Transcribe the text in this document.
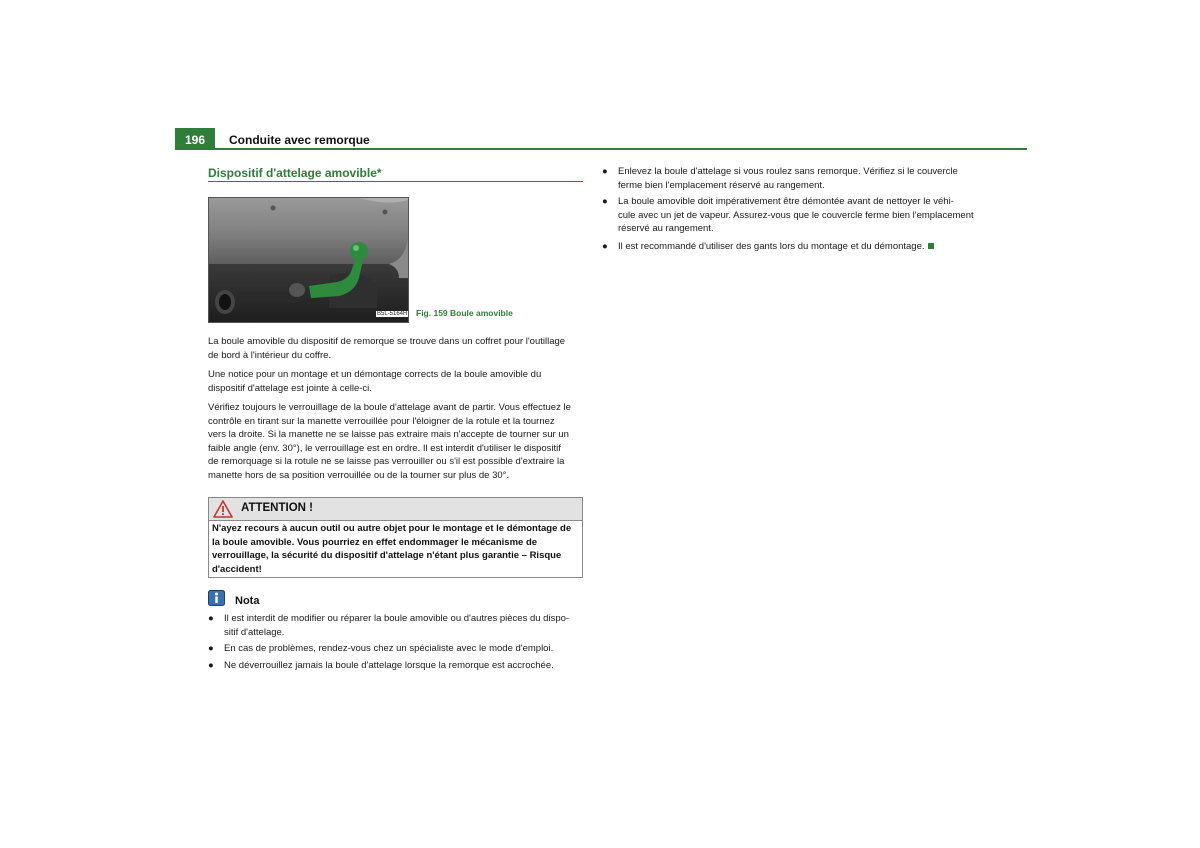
196	Conduite avec remorque
Dispositif d'attelage amovible*
B5L-5164H Fig. 159 Boule amovible
La boule amovible du dispositif de remorque se trouve dans un coffret pour l'outillage
de bord à l'intérieur du coffre.
Une notice pour un montage et un démontage corrects de la boule amovible du
dispositif d'attelage est jointe à celle-ci.
Vérifiez toujours le verrouillage de la boule d'attelage avant de partir. Vous effectuez le
contrôle en tirant sur la manette verrouillée pour l'éloigner de la rotule et la tournez
vers la droite. Si la manette ne se laisse pas extraire mais n'accepte de tourner sur un
faible angle (env. 30°), le verrouillage est en ordre. Il est interdit d'utiliser le dispositif
de remorquage si la rotule ne se laisse pas verrouiller ou s'il est possible d'extraire la
manette hors de sa position verrouillée ou de la tourner sur plus de 30°.
ATTENTION !
N'ayez recours à aucun outil ou autre objet pour le montage et le démontage de
la boule amovible. Vous pourriez en effet endommager le mécanisme de
verrouillage, la sécurité du dispositif d'attelage n'étant plus garantie – Risque
d'accident!
Nota
● Il est interdit de modifier ou réparer la boule amovible ou d'autres pièces du dispo-
sitif d'attelage.
● En cas de problèmes, rendez-vous chez un spécialiste avec le mode d'emploi.
● Ne déverrouillez jamais la boule d'attelage lorsque la remorque est accrochée.
● Enlevez la boule d'attelage si vous roulez sans remorque. Vérifiez si le couvercle
ferme bien l'emplacement réservé au rangement.
● La boule amovible doit impérativement être démontée avant de nettoyer le véhi-
cule avec un jet de vapeur. Assurez-vous que le couvercle ferme bien l'emplacement
réservé au rangement.
● Il est recommandé d'utiliser des gants lors du montage et du démontage.
